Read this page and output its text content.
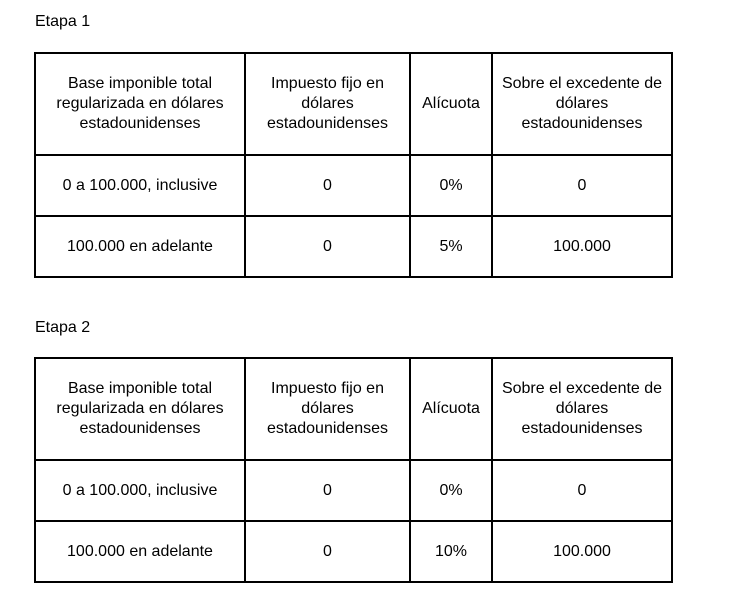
Etapa 1
Base imponible total regularizada en dólares estadounidenses	Impuesto fijo en dólares estadounidenses	Alícuota	Sobre el excedente de dólares estadounidenses
0 a 100.000, inclusive	0	0%	0
100.000 en adelante	0	5%	100.000
Etapa 2
Base imponible total regularizada en dólares estadounidenses	Impuesto fijo en dólares estadounidenses	Alícuota	Sobre el excedente de dólares estadounidenses
0 a 100.000, inclusive	0	0%	0
100.000 en adelante	0	10%	100.000
